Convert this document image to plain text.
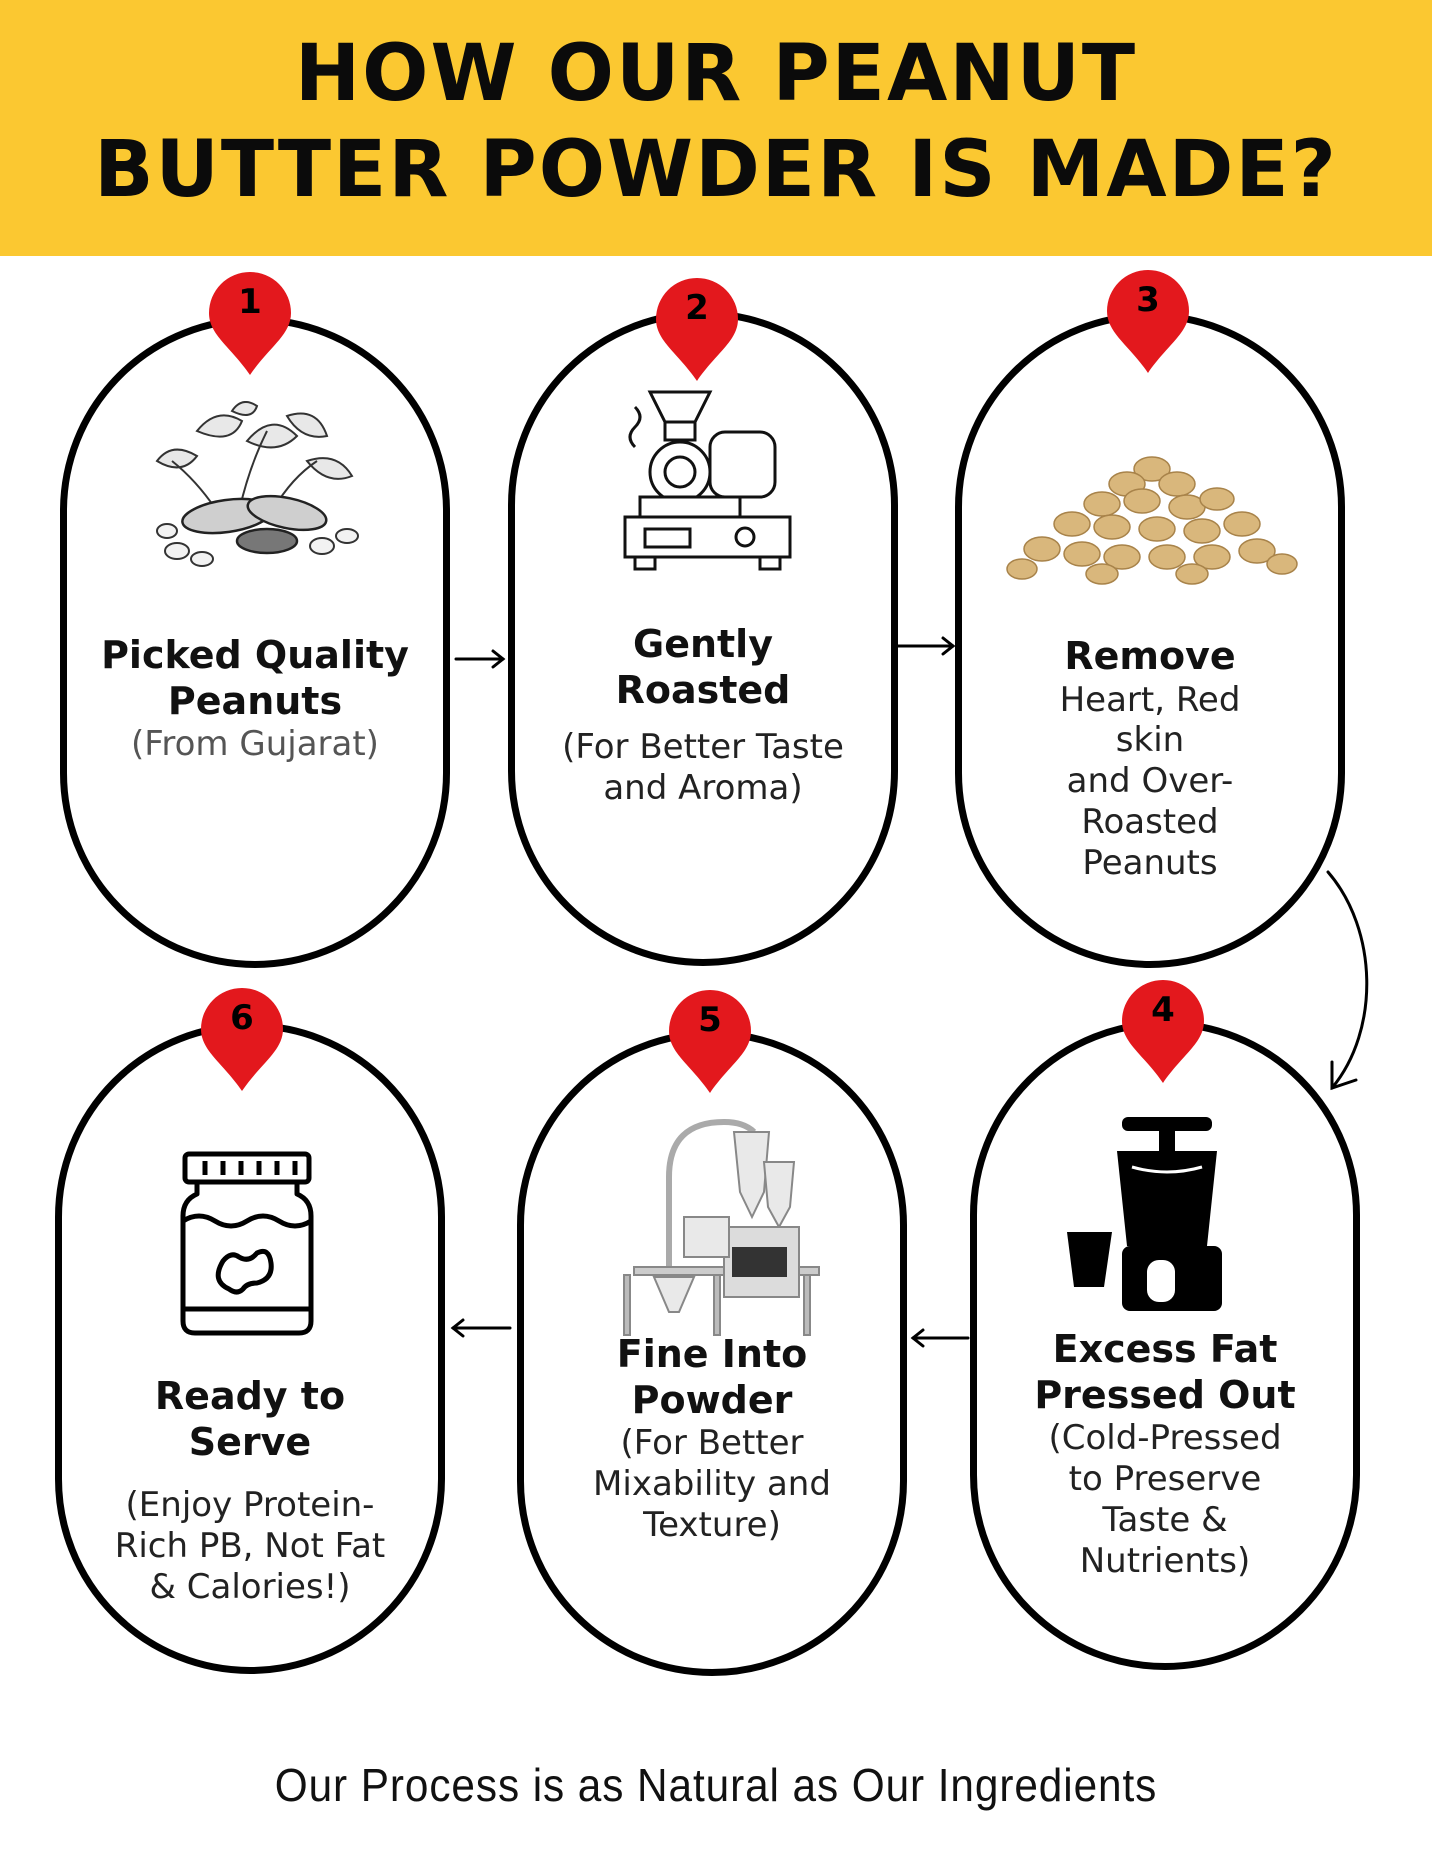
HOW OUR PEANUT
BUTTER POWDER IS MADE?
Picked Quality
Peanuts
(From Gujarat)
Gently
Roasted
(For Better Taste
and Aroma)
Remove
Heart, Red
skin
and Over-
Roasted
Peanuts
Excess Fat
Pressed Out
(Cold-Pressed
to Preserve
Taste &
Nutrients)
Fine Into
Powder
(For Better
Mixability and
Texture)
Ready to Serve
(Enjoy Protein-
Rich PB, Not Fat
& Calories!)
1	2	3
4
5
6
Our Process is as Natural as Our Ingredients
